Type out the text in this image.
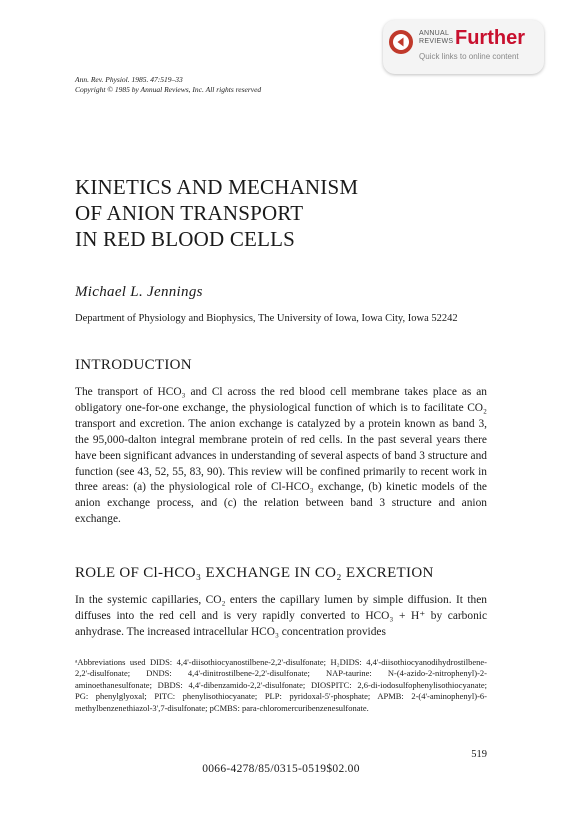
ANNUAL
REVIEWS Further
Quick links to online content
Ann. Rev. Physiol. 1985. 47:519–33
Copyright © 1985 by Annual Reviews, Inc. All rights reserved
KINETICS AND MECHANISM
OF ANION TRANSPORT
IN RED BLOOD CELLS
Michael L. Jennings
Department of Physiology and Biophysics, The University of Iowa, Iowa City, Iowa 52242
INTRODUCTION

The transport of HCO₃ and Cl across the red blood cell membrane takes place as an obligatory one-for-one exchange, the physiological function of which is to facilitate CO₂ transport and excretion. The anion exchange is catalyzed by a protein known as band 3, the 95,000-dalton integral membrane protein of red cells. In the past several years there have been significant advances in understanding of several aspects of band 3 structure and function (see 43, 52, 55, 83, 90). This review will be confined primarily to recent work in three areas: (a) the physiological role of Cl-HCO₃ exchange, (b) kinetic models of the anion exchange process, and (c) the relation between band 3 structure and anion exchange.

ROLE OF Cl-HCO₃ EXCHANGE IN CO₂ EXCRETION

In the systemic capillaries, CO₂ enters the capillary lumen by simple diffusion. It then diffuses into the red cell and is very rapidly converted to HCO₃ + H⁺ by carbonic anhydrase. The increased intracellular HCO₃ concentration provides

ᵃAbbreviations used DIDS: 4,4'-diisothiocyanostilbene-2,2'-disulfonate; H₂DIDS: 4,4'-diisothiocyanodihydrostilbene-2,2'-disulfonate; DNDS: 4,4'-dinitrostilbene-2,2'-disulfonate; NAP-taurine: N-(4-azido-2-nitrophenyl)-2-aminoethanesulfonate; DBDS: 4,4'-dibenzamido-2,2'-disulfonate; DIOSPITC: 2,6-di-iodosulfophenylisothiocyanate; PG: phenylglyoxal; PITC: phenylisothiocyanate; PLP: pyridoxal-5'-phosphate; APMB: 2-(4'-aminophenyl)-6-methylbenzenethiazol-3',7-disulfonate; pCMBS: para-chloromercuribenzenesulfonate.

519
0066-4278/85/0315-0519$02.00
